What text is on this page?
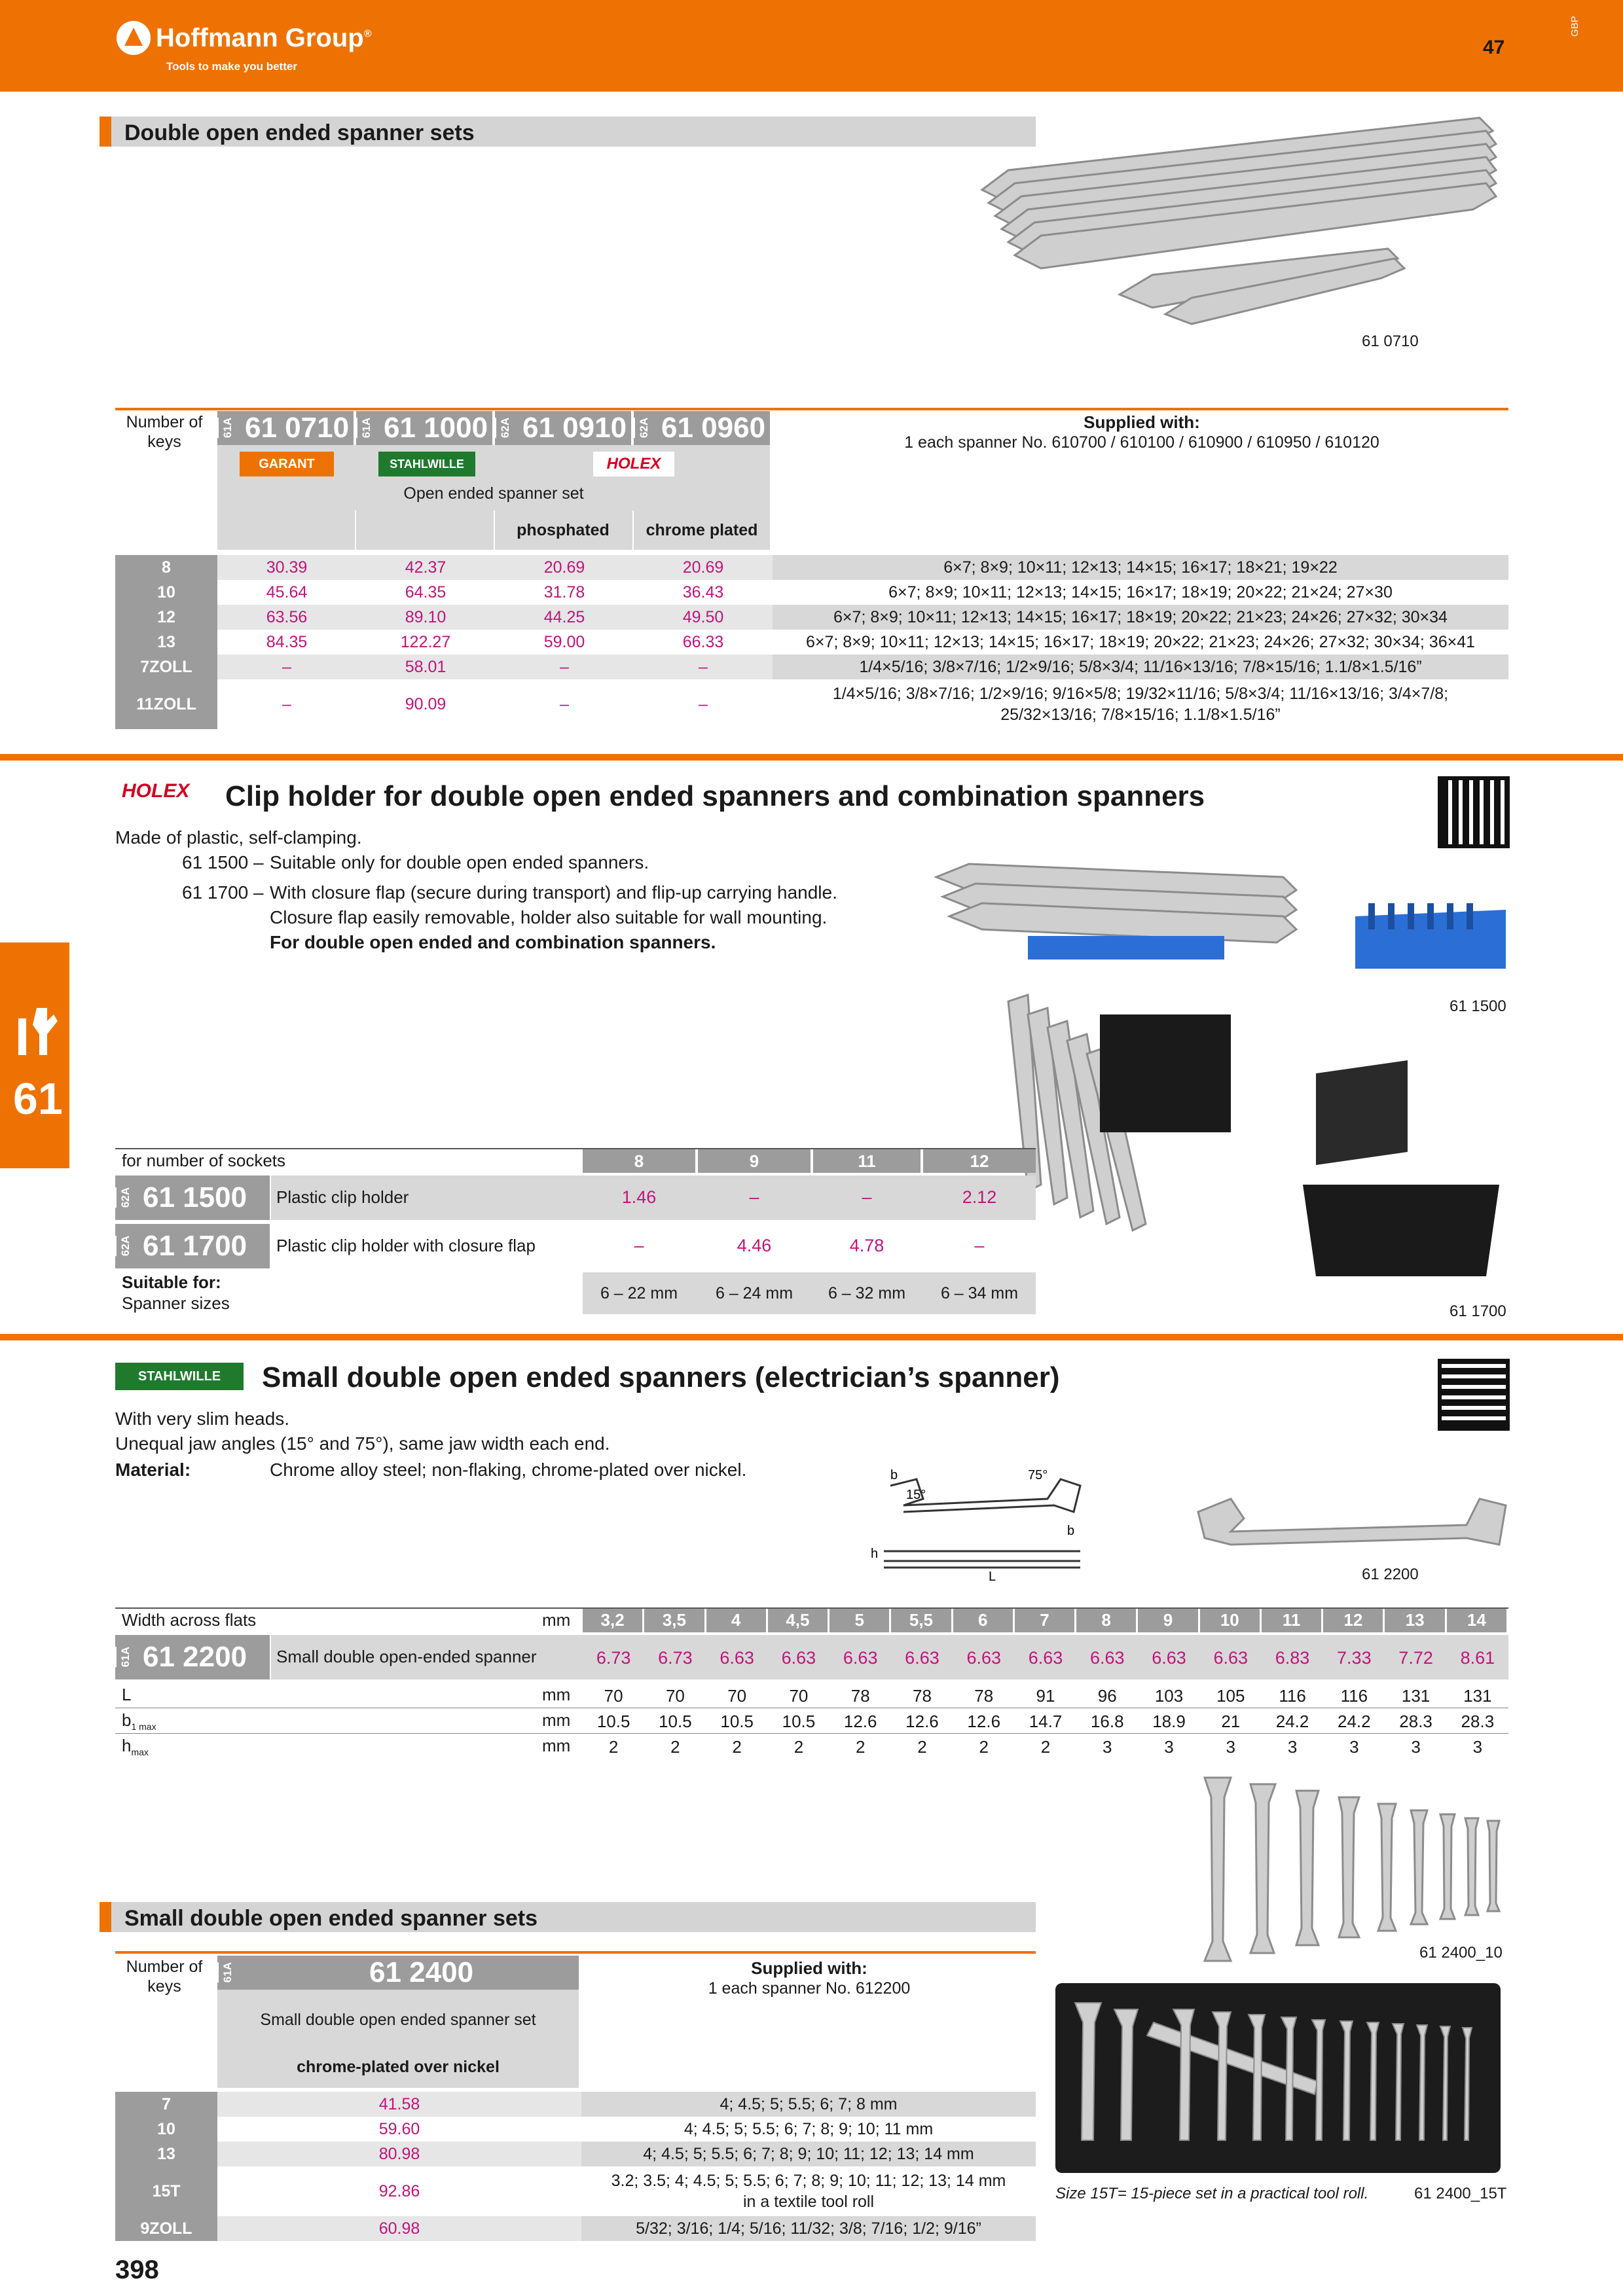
Hoffmann Group®
Tools to make you better
47
GBP
61
Double open ended spanner sets
61 0710
Number of keys
61A 61 0710 61A 61 1000 62A 61 0910 62A 61 0960
GARANT	STAHLWILLE	HOLEX
Open ended spanner set
phosphated	chrome plated
Supplied with:
1 each spanner No. 610700 / 610100 / 610900 / 610950 / 610120
8	30.39	42.37	20.69	20.69	6×7; 8×9; 10×11; 12×13; 14×15; 16×17; 18×21; 19×22
10	45.64	64.35	31.78	36.43	6×7; 8×9; 10×11; 12×13; 14×15; 16×17; 18×19; 20×22; 21×24; 27×30
12	63.56	89.10	44.25	49.50	6×7; 8×9; 10×11; 12×13; 14×15; 16×17; 18×19; 20×22; 21×23; 24×26; 27×32; 30×34
13	84.35	122.27	59.00	66.33	6×7; 8×9; 10×11; 12×13; 14×15; 16×17; 18×19; 20×22; 21×23; 24×26; 27×32; 30×34; 36×41
7ZOLL	–	58.01	–	–	1/4×5/16; 3/8×7/16; 1/2×9/16; 5/8×3/4; 11/16×13/16; 7/8×15/16; 1.1/8×1.5/16”
11ZOLL	–	90.09	–	–	1/4×5/16; 3/8×7/16; 1/2×9/16; 9/16×5/8; 19/32×11/16; 5/8×3/4; 11/16×13/16; 3/4×7/8;
25/32×13/16; 7/8×15/16; 1.1/8×1.5/16”
HOLEX Clip holder for double open ended spanners and combination spanners
Made of plastic, self-clamping.
61 1500 – Suitable only for double open ended spanners.
61 1700 – With closure flap (secure during transport) and flip-up carrying handle.
Closure flap easily removable, holder also suitable for wall mounting.
For double open ended and combination spanners.
61 1500
61 1700
for number of sockets	8	9	11	12
62A 61 1500 Plastic clip holder	1.46	–	–	2.12
62A 61 1700 Plastic clip holder with closure flap	–	4.46	4.78	–
Suitable for:
Spanner sizes	6 – 22 mm	6 – 24 mm	6 – 32 mm	6 – 34 mm
STAHLWILLE	Small double open ended spanners (electrician’s spanner)
With very slim heads.
Unequal jaw angles (15° and 75°), same jaw width each end.
Material:	Chrome alloy steel; non-flaking, chrome-plated over nickel.	b
15°
75°
b
h
L	61 2200
Width across flats	mm	3,2	3,5	4	4,5	5	5,5	6	7	8	9	10	11	12	13	14
61A 61 2200 Small double open-ended spanner	6.73	6.73	6.63	6.63	6.63	6.63	6.63	6.63	6.63	6.63	6.63	6.83	7.33	7.72	8.61
L	mm	70	70	70	70	78	78	78	91	96	103	105	116	116	131	131
$b_{1 max}$	mm	10.5	10.5	10.5	10.5	12.6	12.6	12.6	14.7	16.8	18.9	21	24.2	24.2	28.3	28.3
$h_{max}$	mm	2	2	2	2	2	2	2	2	3	3	3	3	3	3	3
Small double open ended spanner sets
61 2400_10
Size 15T= 15-piece set in a practical tool roll.	61 2400_15T
Number of keys
61A	61 2400
Small double open ended spanner set
chrome-plated over nickel
Supplied with:
1 each spanner No. 612200
7	41.58	4; 4.5; 5; 5.5; 6; 7; 8 mm
10	59.60	4; 4.5; 5; 5.5; 6; 7; 8; 9; 10; 11 mm
13	80.98	4; 4.5; 5; 5.5; 6; 7; 8; 9; 10; 11; 12; 13; 14 mm
15T	92.86	3.2; 3.5; 4; 4.5; 5; 5.5; 6; 7; 8; 9; 10; 11; 12; 13; 14 mm
in a textile tool roll

9ZOLL	60.98	5/32; 3/16; 1/4; 5/16; 11/32; 3/8; 7/16; 1/2; 9/16”
398
